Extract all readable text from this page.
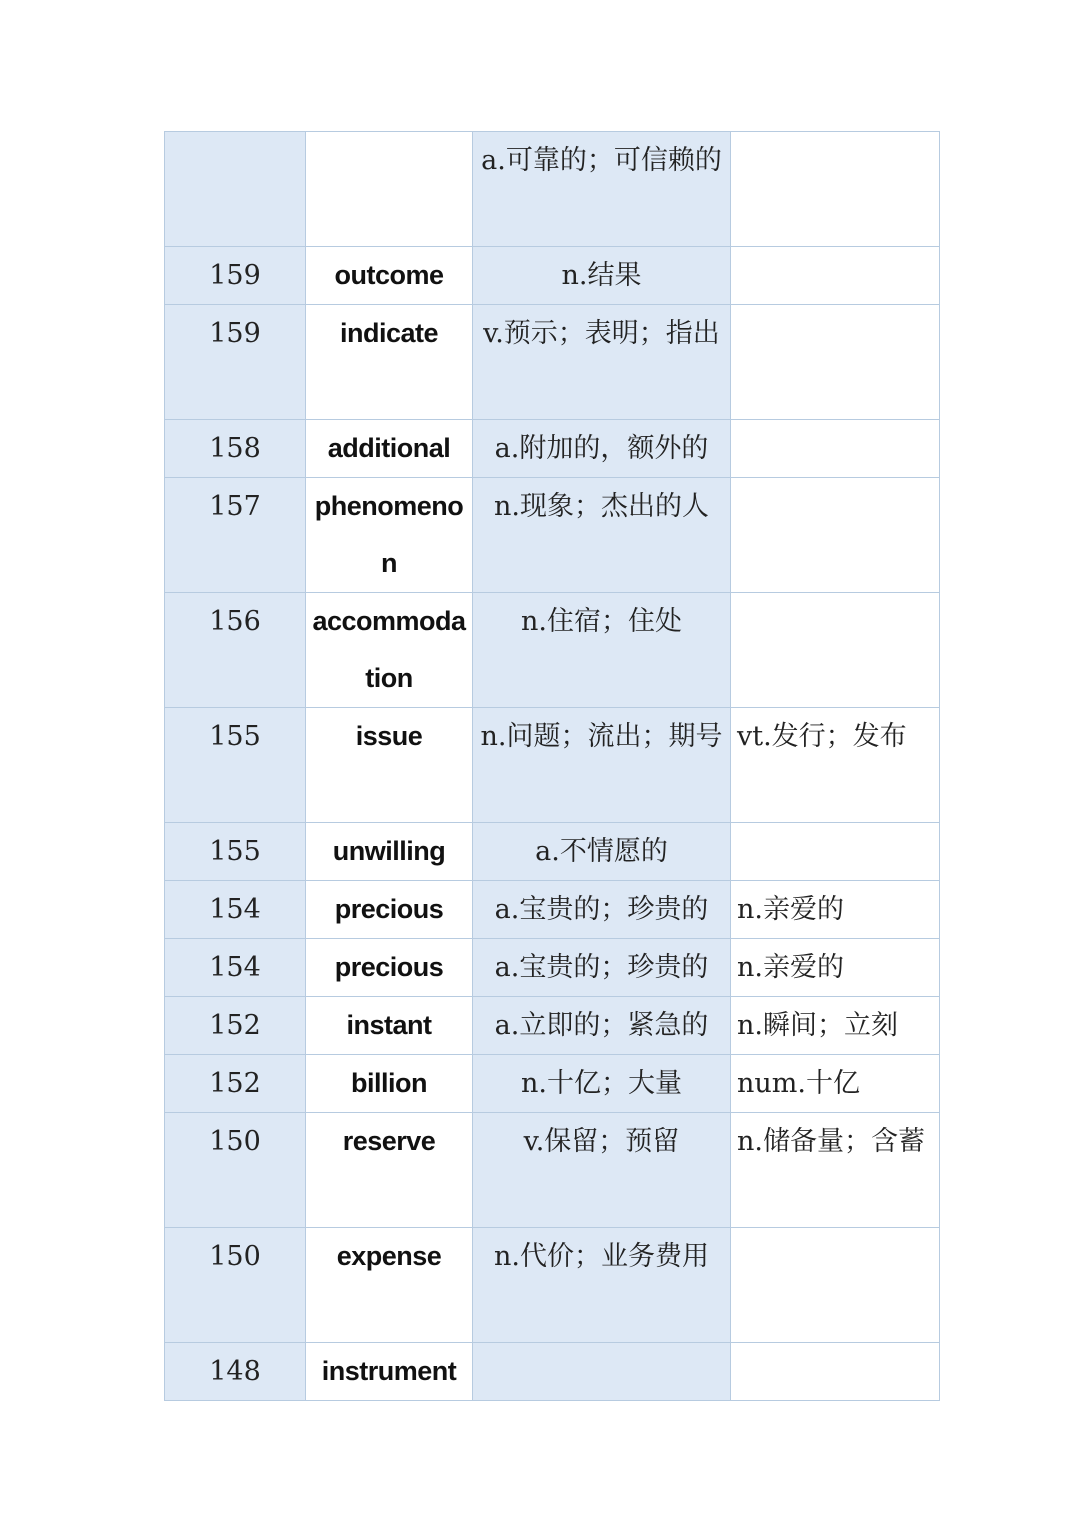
		a.可靠的；可信赖的	
159	outcome	n.结果	
159	indicate	v.预示；表明；指出	
158	additional	a.附加的，额外的	
157	phenomenon	n.现象；杰出的人	
156	accommodation	n.住宿；住处	
155	issue	n.问题；流出；期号	vt.发行；发布
155	unwilling	a.不情愿的	
154	precious	a.宝贵的；珍贵的	n.亲爱的
154	precious	a.宝贵的；珍贵的	n.亲爱的
152	instant	a.立即的；紧急的	n.瞬间；立刻
152	billion	n.十亿；大量	num.十亿
150	reserve	v.保留；预留	n.储备量；含蓄
150	expense	n.代价；业务费用	
148	instrument		
